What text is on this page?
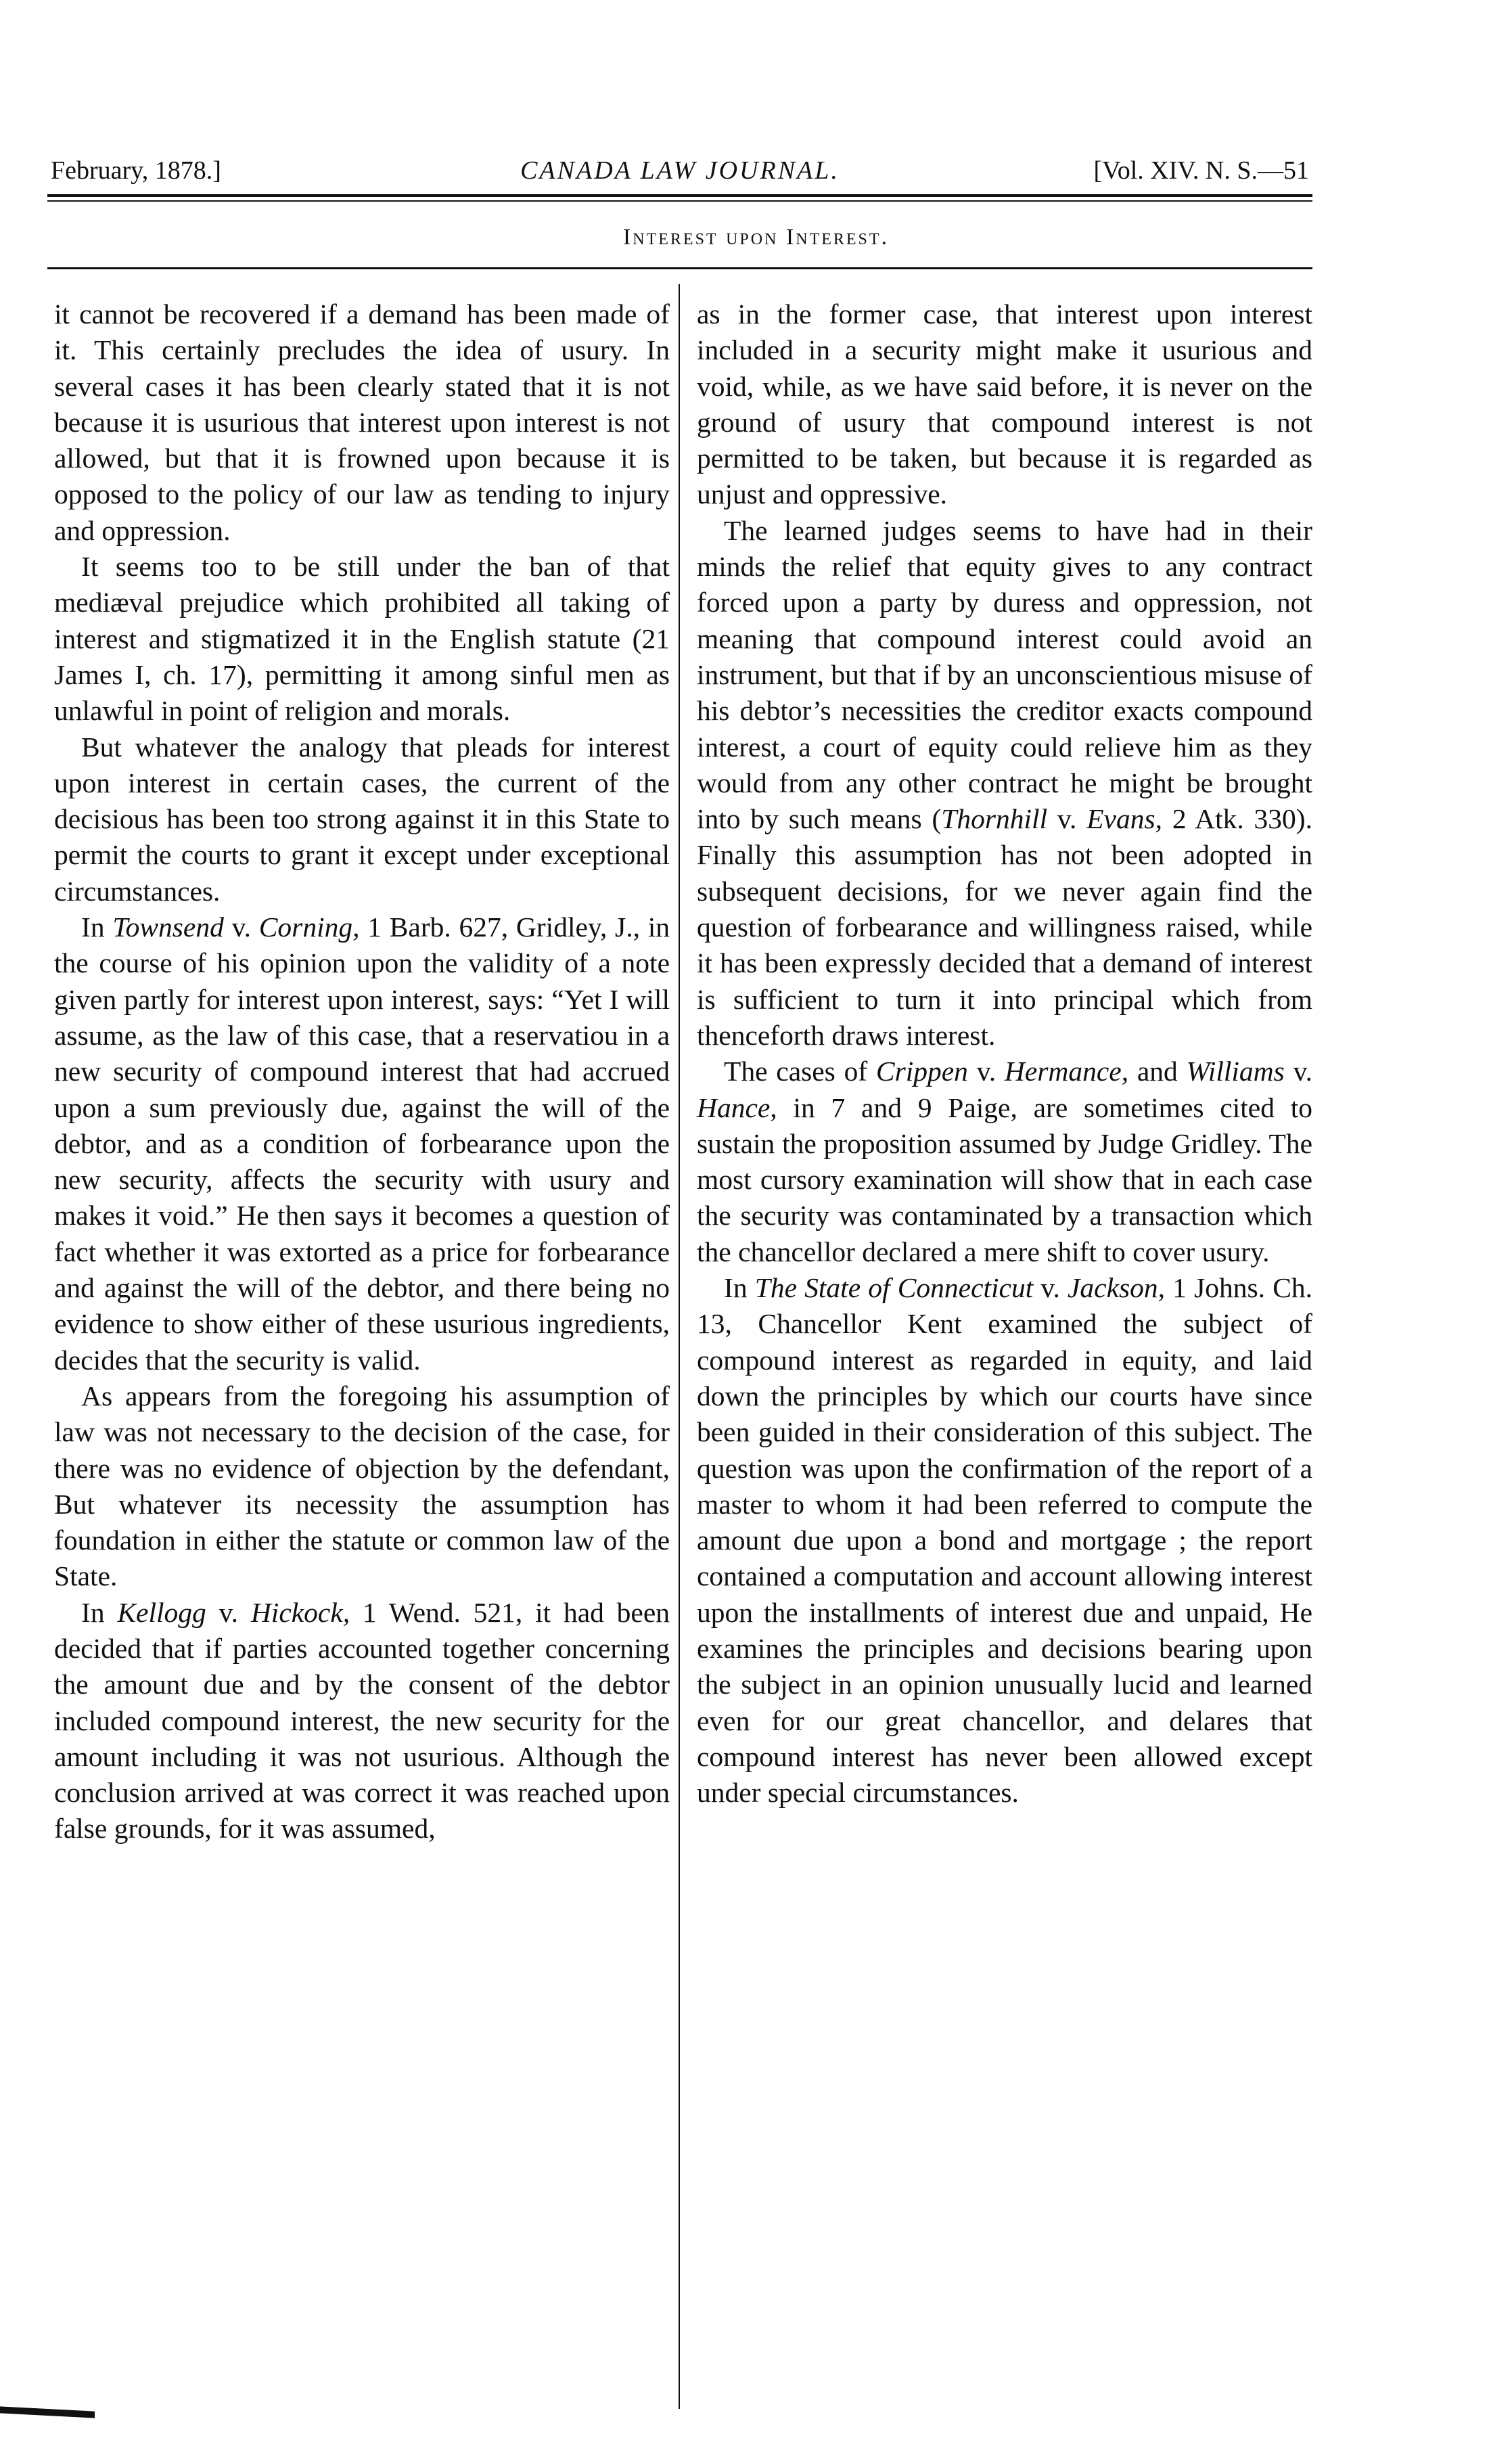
February, 1878.]	CANADA LAW JOURNAL.	[Vol. XIV. N. S.—51
Interest upon Interest.

it cannot be recovered if a demand has been made of it. This certainly precludes the idea of usury. In several cases it has been clearly stated that it is not because it is usurious that interest upon interest is not allowed, but that it is frowned upon because it is opposed to the policy of our law as tending to injury and oppression.

It seems too to be still under the ban of that mediæval prejudice which prohibited all taking of interest and stigmatized it in the English statute (21 James I, ch. 17), permitting it among sinful men as unlawful in point of religion and morals.

But whatever the analogy that pleads for interest upon interest in certain cases, the current of the decisious has been too strong against it in this State to permit the courts to grant it except under exceptional circumstances.

In Townsend v. Corning, 1 Barb. 627, Gridley, J., in the course of his opinion upon the validity of a note given partly for interest upon interest, says: “Yet I will assume, as the law of this case, that a reservatiou in a new security of compound interest that had accrued upon a sum previously due, against the will of the debtor, and as a condition of forbearance upon the new security, affects the security with usury and makes it void.” He then says it becomes a question of fact whether it was extorted as a price for forbearance and against the will of the debtor, and there being no evidence to show either of these usurious ingredients, decides that the security is valid.

As appears from the foregoing his assumption of law was not necessary to the decision of the case, for there was no evidence of objection by the defendant, But whatever its necessity the assumption has foundation in either the statute or common law of the State.

In Kellogg v. Hickock, 1 Wend. 521, it had been decided that if parties accounted together concerning the amount due and by the consent of the debtor included compound interest, the new security for the amount including it was not usurious. Although the conclusion arrived at was correct it was reached upon false grounds, for it was assumed,

as in the former case, that interest upon interest included in a security might make it usurious and void, while, as we have said before, it is never on the ground of usury that compound interest is not permitted to be taken, but because it is regarded as unjust and oppressive.

The learned judges seems to have had in their minds the relief that equity gives to any contract forced upon a party by duress and oppression, not meaning that compound interest could avoid an instrument, but that if by an unconscientious misuse of his debtor’s necessities the creditor exacts compound interest, a court of equity could relieve him as they would from any other contract he might be brought into by such means (Thornhill v. Evans, 2 Atk. 330). Finally this assumption has not been adopted in subsequent decisions, for we never again find the question of forbearance and willingness raised, while it has been expressly decided that a demand of interest is sufficient to turn it into principal which from thenceforth draws interest.

The cases of Crippen v. Hermance, and Williams v. Hance, in 7 and 9 Paige, are sometimes cited to sustain the proposition assumed by Judge Gridley. The most cursory examination will show that in each case the security was contaminated by a transaction which the chancellor declared a mere shift to cover usury.

In The State of Connecticut v. Jackson, 1 Johns. Ch. 13, Chancellor Kent examined the subject of compound interest as regarded in equity, and laid down the principles by which our courts have since been guided in their consideration of this subject. The question was upon the confirmation of the report of a master to whom it had been referred to compute the amount due upon a bond and mortgage ; the report contained a computation and account allowing interest upon the installments of interest due and unpaid, He examines the principles and decisions bearing upon the subject in an opinion unusually lucid and learned even for our great chancellor, and delares that compound interest has never been allowed except under special circumstances.
